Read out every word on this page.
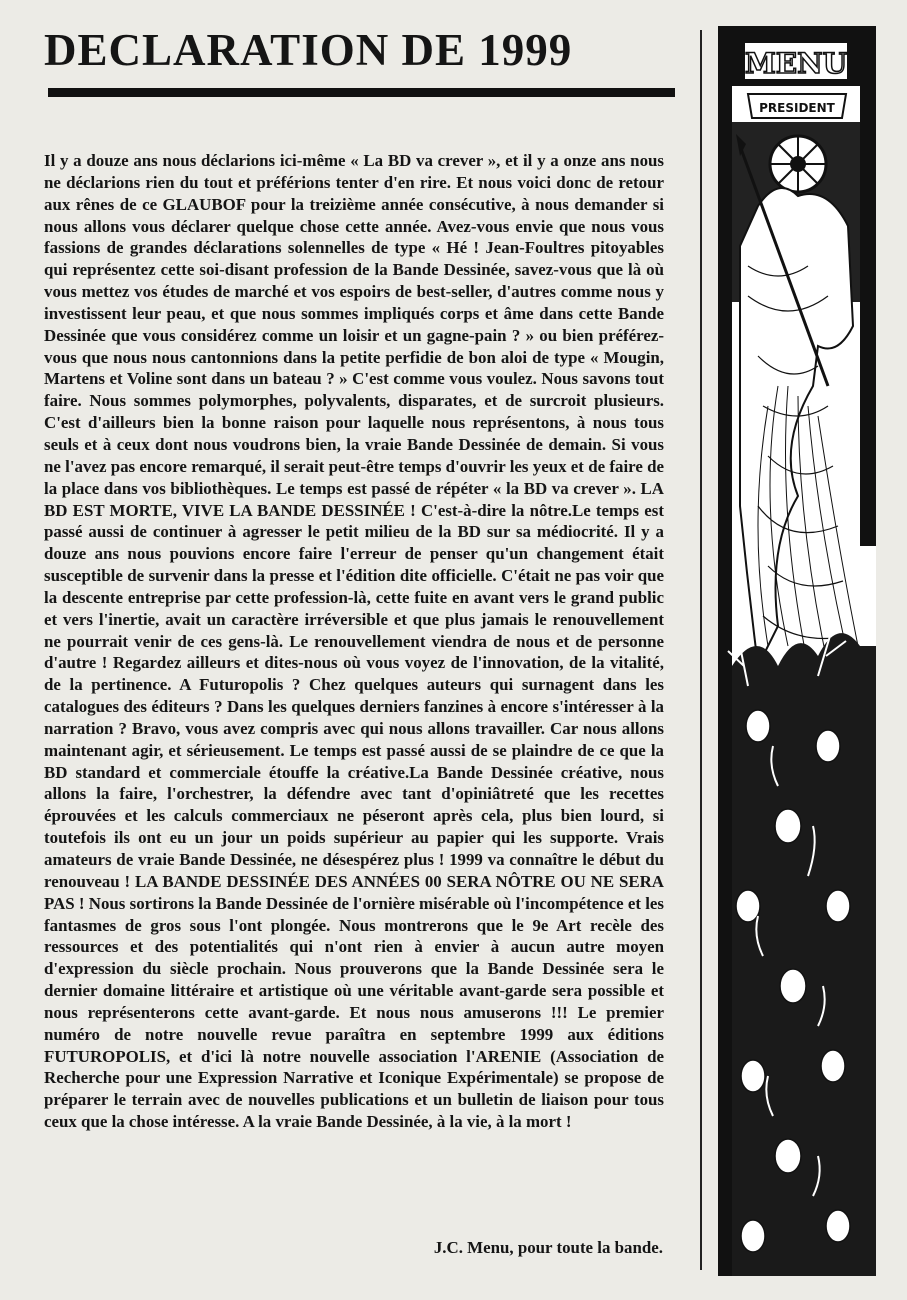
DECLARATION DE 1999

Il y a douze ans nous déclarions ici-même « La BD va crever », et il y a onze ans nous ne déclarions rien du tout et préférions tenter d'en rire. Et nous voici donc de retour aux rênes de ce GLAUBOF pour la treizième année consécutive, à nous demander si nous allons vous déclarer quelque chose cette année. Avez-vous envie que nous vous fassions de grandes déclarations solennelles de type « Hé ! Jean-Foultres pitoyables qui représentez cette soi-disant profession de la Bande Dessinée, savez-vous que là où vous mettez vos études de marché et vos espoirs de best-seller, d'autres comme nous y investissent leur peau, et que nous sommes impliqués corps et âme dans cette Bande Dessinée que vous considérez comme un loisir et un gagne-pain ? » ou bien préférez-vous que nous nous cantonnions dans la petite perfidie de bon aloi de type « Mougin, Martens et Voline sont dans un bateau ? » C'est comme vous voulez. Nous savons tout faire. Nous sommes polymorphes, polyvalents, disparates, et de surcroit plusieurs. C'est d'ailleurs bien la bonne raison pour laquelle nous représentons, à nous tous seuls et à ceux dont nous voudrons bien, la vraie Bande Dessinée de demain. Si vous ne l'avez pas encore remarqué, il serait peut-être temps d'ouvrir les yeux et de faire de la place dans vos bibliothèques. Le temps est passé de répéter « la BD va crever ». LA BD EST MORTE, VIVE LA BANDE DESSINÉE ! C'est-à-dire la nôtre.Le temps est passé aussi de continuer à agresser le petit milieu de la BD sur sa médiocrité. Il y a douze ans nous pouvions encore faire l'erreur de penser qu'un changement était susceptible de survenir dans la presse et l'édition dite officielle. C'était ne pas voir que la descente entreprise par cette profession-là, cette fuite en avant vers le grand public et vers l'inertie, avait un caractère irréversible et que plus jamais le renouvellement ne pourrait venir de ces gens-là. Le renouvellement viendra de nous et de personne d'autre ! Regardez ailleurs et dites-nous où vous voyez de l'innovation, de la vitalité, de la pertinence. A Futuropolis ? Chez quelques auteurs qui surnagent dans les catalogues des éditeurs ? Dans les quelques derniers fanzines à encore s'intéresser à la narration ? Bravo, vous avez compris avec qui nous allons travailler. Car nous allons maintenant agir, et sérieusement. Le temps est passé aussi de se plaindre de ce que la BD standard et commerciale étouffe la créative.La Bande Dessinée créative, nous allons la faire, l'orchestrer, la défendre avec tant d'opiniâtreté que les recettes éprouvées et les calculs commerciaux ne péseront après cela, plus bien lourd, si toutefois ils ont eu un jour un poids supérieur au papier qui les supporte. Vrais amateurs de vraie Bande Dessinée, ne désespérez plus ! 1999 va connaître le début du renouveau ! LA BANDE DESSINÉE DES ANNÉES 00 SERA NÔTRE OU NE SERA PAS ! Nous sortirons la Bande Dessinée de l'ornière misérable où l'incompétence et les fantasmes de gros sous l'ont plongée. Nous montrerons que le 9e Art recèle des ressources et des potentialités qui n'ont rien à envier à aucun autre moyen d'expression du siècle prochain. Nous prouverons que la Bande Dessinée sera le dernier domaine littéraire et artistique où une véritable avant-garde sera possible et nous représenterons cette avant-garde. Et nous nous amuserons !!! Le premier numéro de notre nouvelle revue paraîtra en septembre 1999 aux éditions FUTUROPOLIS, et d'ici là notre nouvelle association l'ARENIE (Association de Recherche pour une Expression Narrative et Iconique Expérimentale) se propose de préparer le terrain avec de nouvelles publications et un bulletin de liaison pour tous ceux que la chose intéresse. A la vraie Bande Dessinée, à la vie, à la mort !

J.C. Menu, pour toute la bande.
MENU
PRESIDENT
